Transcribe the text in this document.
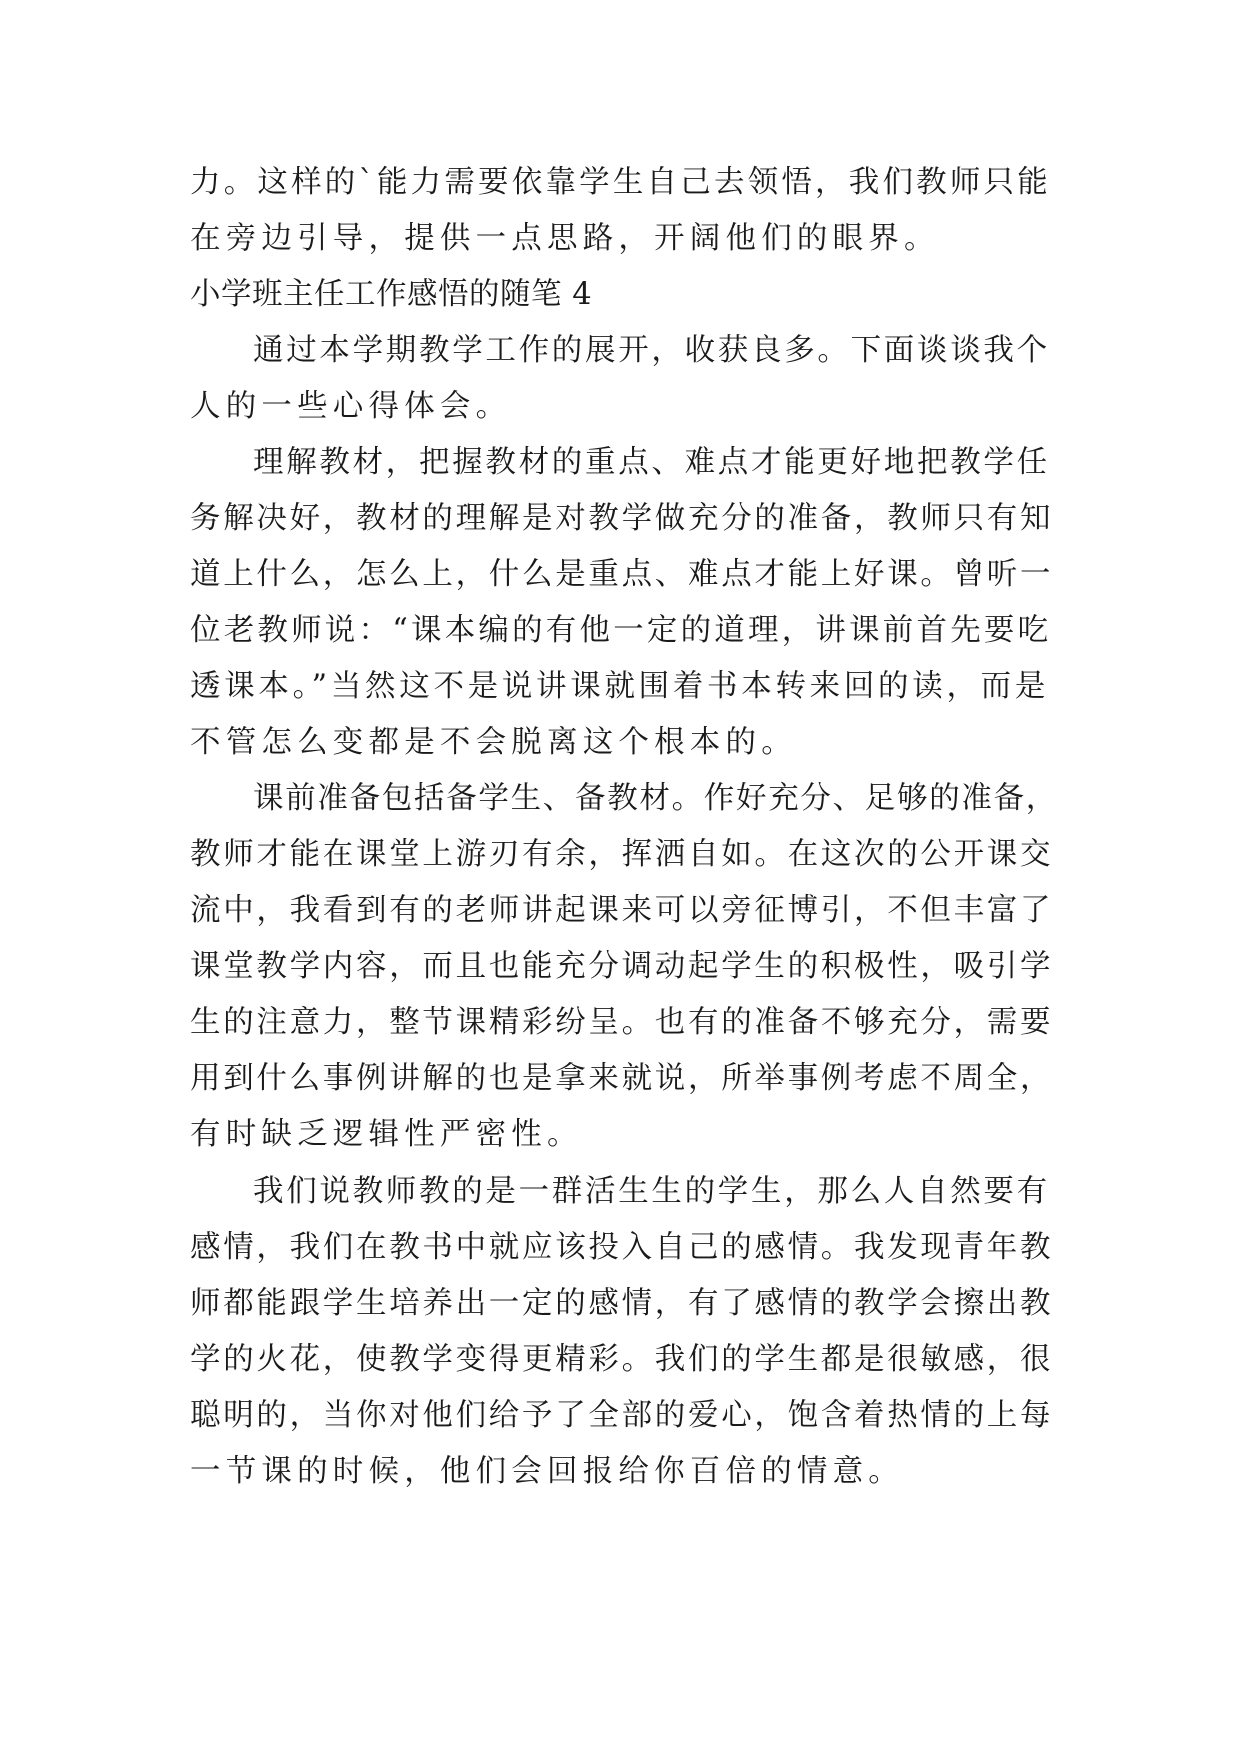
力。这样的`能力需要依靠学生自己去领悟，我们教师只能
在旁边引导，提供一点思路，开阔他们的眼界。
小学班主任工作感悟的随笔 4
通过本学期教学工作的展开，收获良多。下面谈谈我个
人的一些心得体会。
理解教材，把握教材的重点、难点才能更好地把教学任
务解决好，教材的理解是对教学做充分的准备，教师只有知
道上什么，怎么上，什么是重点、难点才能上好课。曾听一
位老教师说：“课本编的有他一定的道理，讲课前首先要吃
透课本。”当然这不是说讲课就围着书本转来回的读，而是
不管怎么变都是不会脱离这个根本的。
课前准备包括备学生、备教材。作好充分、足够的准备，
教师才能在课堂上游刃有余，挥洒自如。在这次的公开课交
流中，我看到有的老师讲起课来可以旁征博引，不但丰富了
课堂教学内容，而且也能充分调动起学生的积极性，吸引学
生的注意力，整节课精彩纷呈。也有的准备不够充分，需要
用到什么事例讲解的也是拿来就说，所举事例考虑不周全，
有时缺乏逻辑性严密性。
我们说教师教的是一群活生生的学生，那么人自然要有
感情，我们在教书中就应该投入自己的感情。我发现青年教
师都能跟学生培养出一定的感情，有了感情的教学会擦出教
学的火花，使教学变得更精彩。我们的学生都是很敏感，很
聪明的，当你对他们给予了全部的爱心，饱含着热情的上每
一节课的时候，他们会回报给你百倍的情意。
